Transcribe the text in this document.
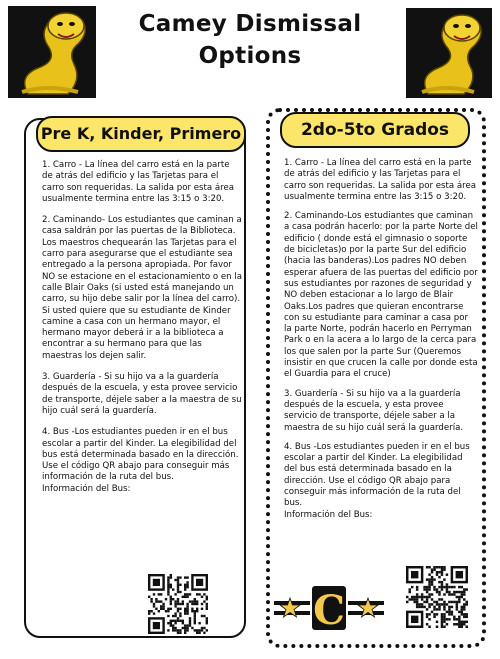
Camey Dismissal
Options
Pre K, Kinder, Primero	2do-5to Grados

1. Carro - La línea del carro está en la parte de atrás del edificio y las Tarjetas para el carro son requeridas. La salida por esta área usualmente termina entre las 3:15 o 3:20.

2. Caminando- Los estudiantes que caminan a casa saldrán por las puertas de la Biblioteca. Los maestros chequearán las Tarjetas para el carro para asegurarse que el estudiante sea entregado a la persona apropiada. Por favor NO se estacione en el estacionamiento o en la calle Blair Oaks (si usted está manejando un carro, su hijo debe salir por la línea del carro). Si usted quiere que su estudiante de Kinder camine a casa con un hermano mayor, el hermano mayor deberá ir a la biblioteca a encontrar a su hermano para que las maestras los dejen salir.

3. Guardería - Si su hijo va a la guardería después de la escuela, y esta provee servicio de transporte, déjele saber a la maestra de su hijo cuál será la guardería.

4. Bus -Los estudiantes pueden ir en el bus escolar a partir del Kinder. La elegibilidad del bus está determinada basado en la dirección. Use el código QR abajo para conseguir más información de la ruta del bus.
Información del Bus:

1. Carro - La línea del carro está en la parte de atrás del edificio y las Tarjetas para el carro son requeridas. La salida por esta área usualmente termina entre las 3:15 o 3:20.

2. Caminando-Los estudiantes que caminan a casa podrán hacerlo: por la parte Norte del edificio ( donde está el gimnasio o soporte de bicicletas)o por la parte Sur del edificio (hacia las banderas).Los padres NO deben esperar afuera de las puertas del edificio por sus estudiantes por razones de seguridad y NO deben estacionar a lo largo de Blair Oaks.Los padres que quieran encontrarse con su estudiante para caminar a casa por la parte Norte, podrán hacerlo en Perryman Park o en la acera a lo largo de la cerca para los que salen por la parte Sur (Queremos insistir en que crucen la calle por donde esta el Guardia para el cruce)

3. Guardería - Si su hijo va a la guardería después de la escuela, y esta provee servicio de transporte, déjele saber a la maestra de su hijo cuál será la guardería.

4. Bus -Los estudiantes pueden ir en el bus escolar a partir del Kinder. La elegibilidad del bus está determinada basado en la dirección. Use el código QR abajo para conseguir más información de la ruta del bus.
Información del Bus:

C
